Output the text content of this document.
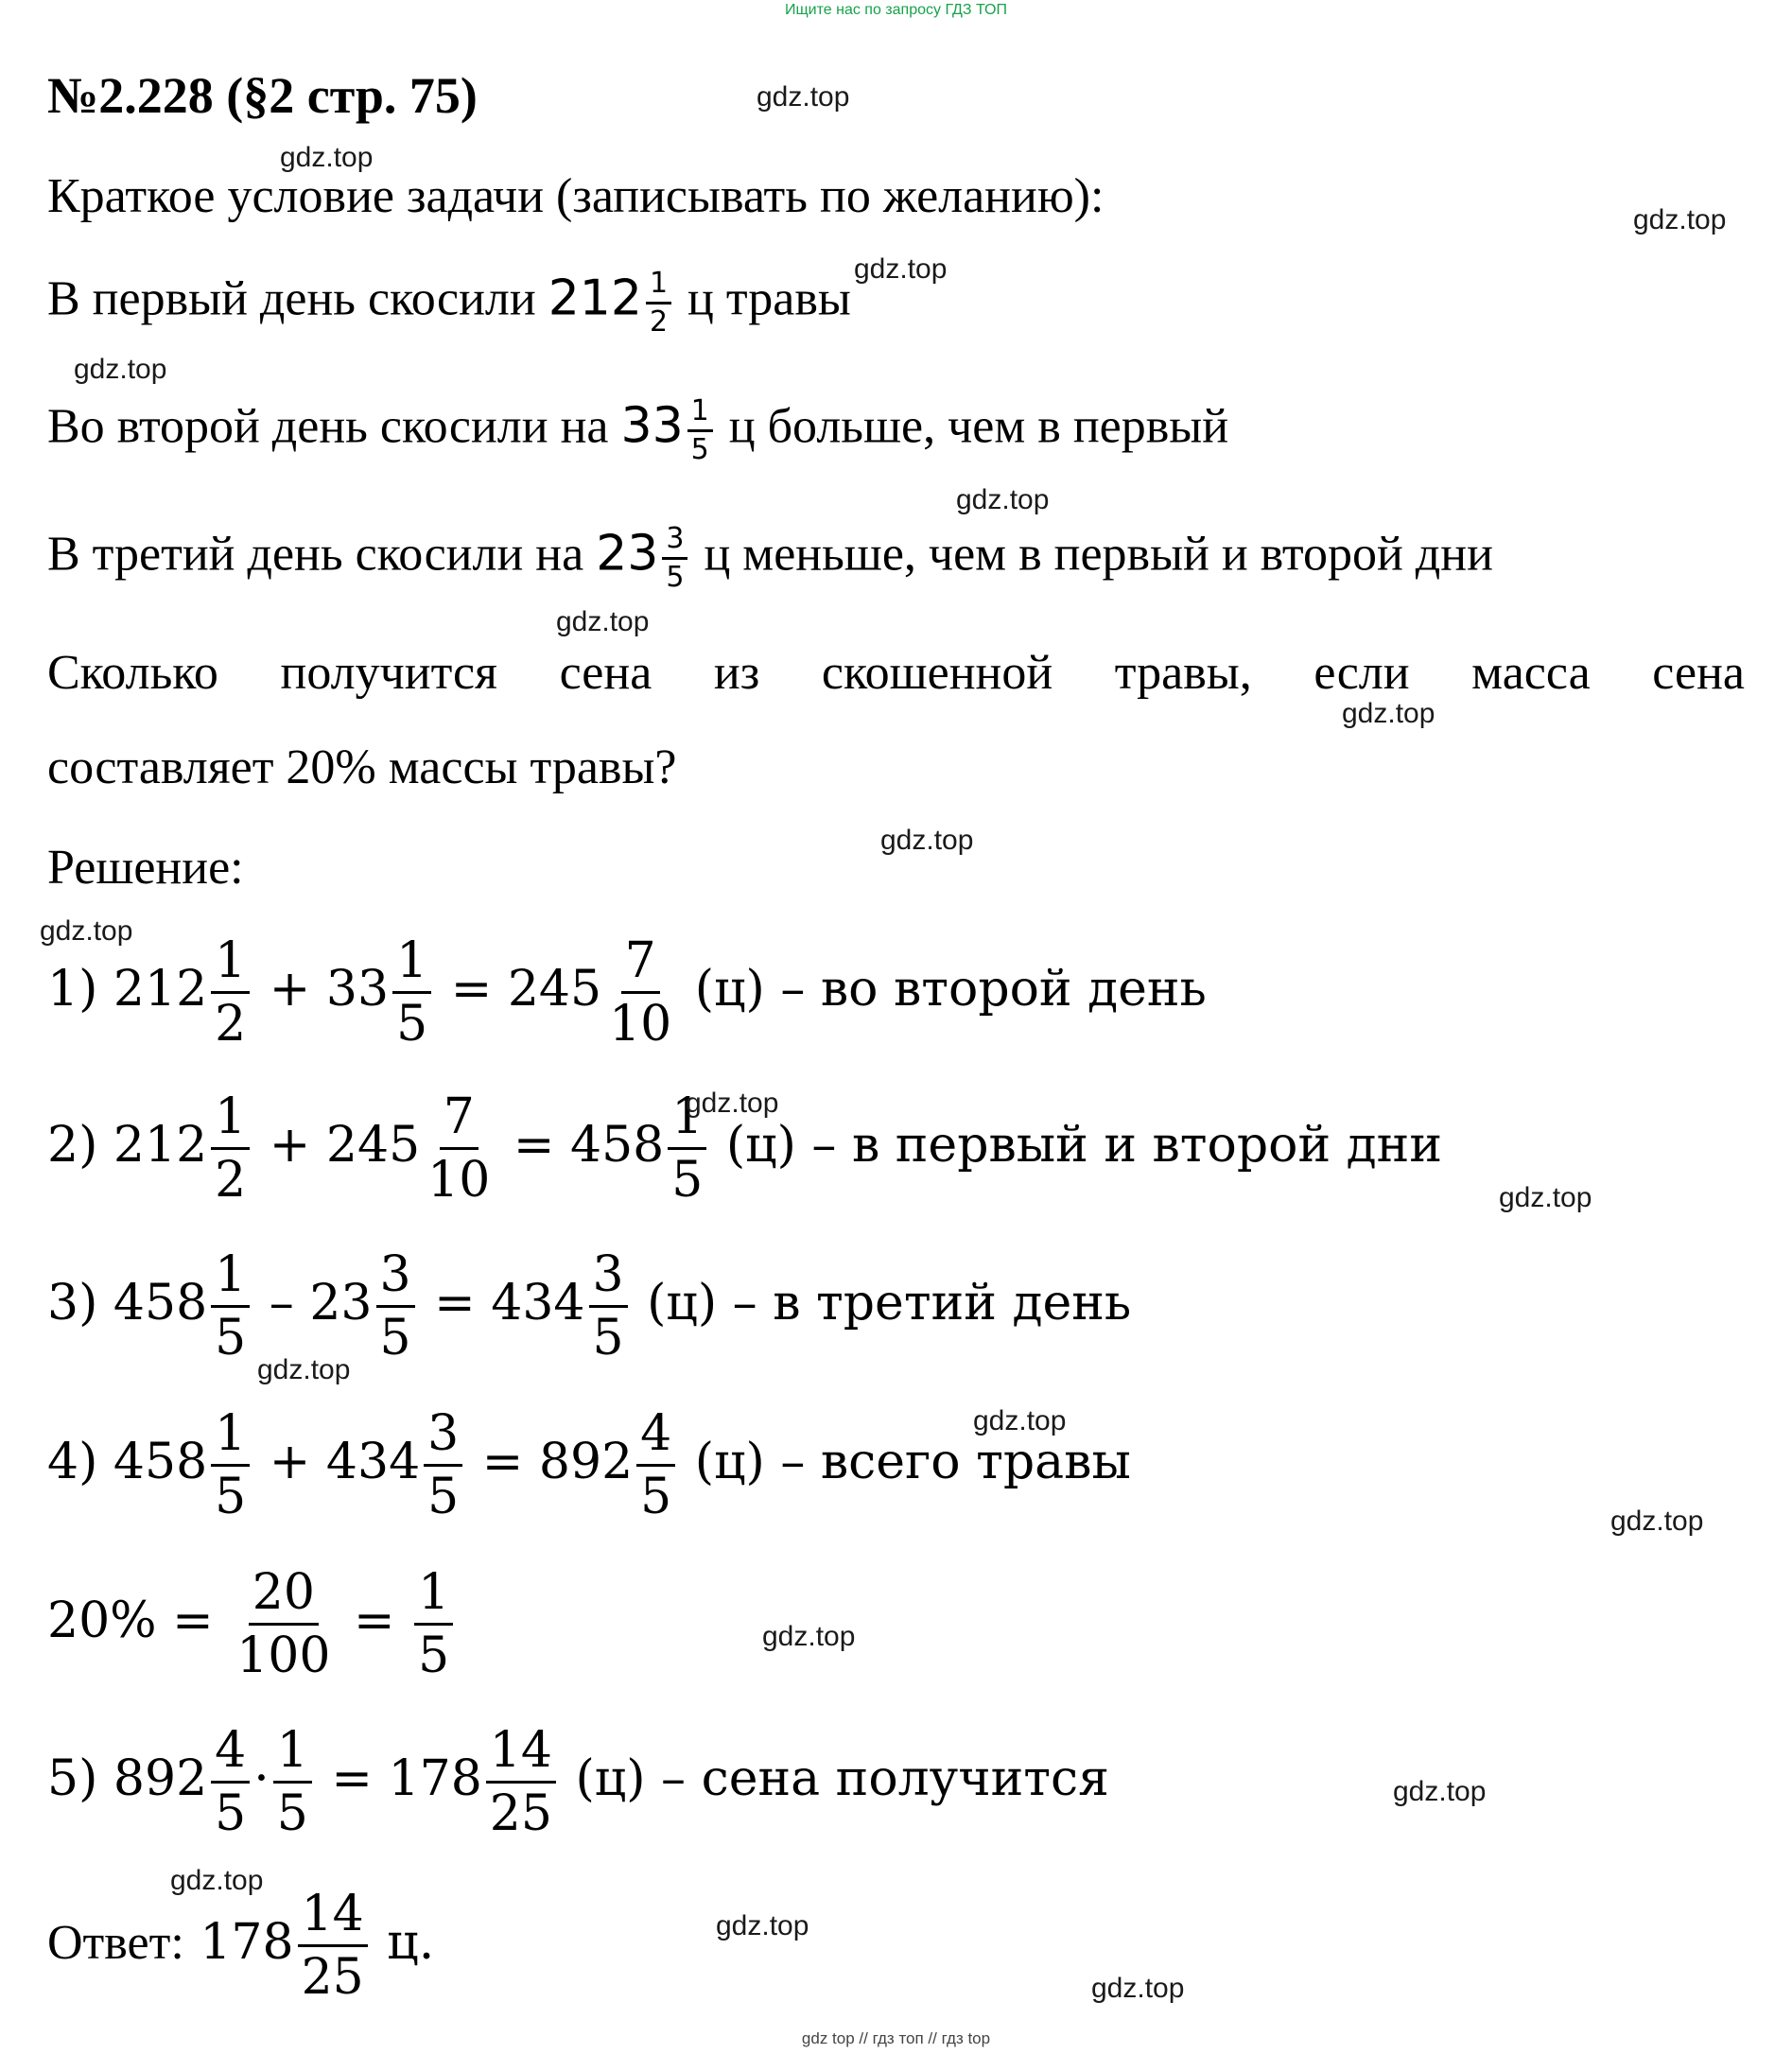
Ищите нас по запросу ГДЗ ТОП
№2.228 (§2 стр. 75)
Краткое условие задачи (записывать по желанию):
В первый день скосили $212 \frac{1}{2}$ ц травы
Во второй день скосили на $33 \frac{1}{5}$ ц больше, чем в первый
В третий день скосили на $23 \frac{3}{5}$ ц меньше, чем в первый и второй дни
Сколько получится сена из скошенной травы, если масса сена
составляет 20% массы травы?
Решение:
1) $212 \frac{1}{2} + 33 \frac{1}{5} = 245 \frac{7}{10} (ц)$ – во второй день
2) $212 \frac{1}{2} + 245 \frac{7}{10} = 458 \frac{1}{5} (ц) - в$ первый и второй дни
3) $458 \frac{1}{5} - 23 \frac{3}{5} = 434 \frac{3}{5} (ц) - в$ третий день
4) $458 \frac{1}{5} + 434 \frac{3}{5} = 892 \frac{4}{5} (ц)$ – всего травы
$20\% = \frac{20}{100} = \frac{1}{5}$
5) $892 \frac{4}{5} \cdot \frac{1}{5} = 178 \frac{14}{25} (ц)$ – сена получится
Ответ: $178 \frac{14}{25} ц$.
gdz.top
gdz.top
gdz.top
gdz.top
gdz.top
gdz.top
gdz.top
gdz.top
gdz.top
gdz.top
gdz.top
gdz.top
gdz.top
gdz.top
gdz.top
gdz.top
gdz.top
gdz.top
gdz.top
gdz.top
gdz top // гдз топ // гдз top
